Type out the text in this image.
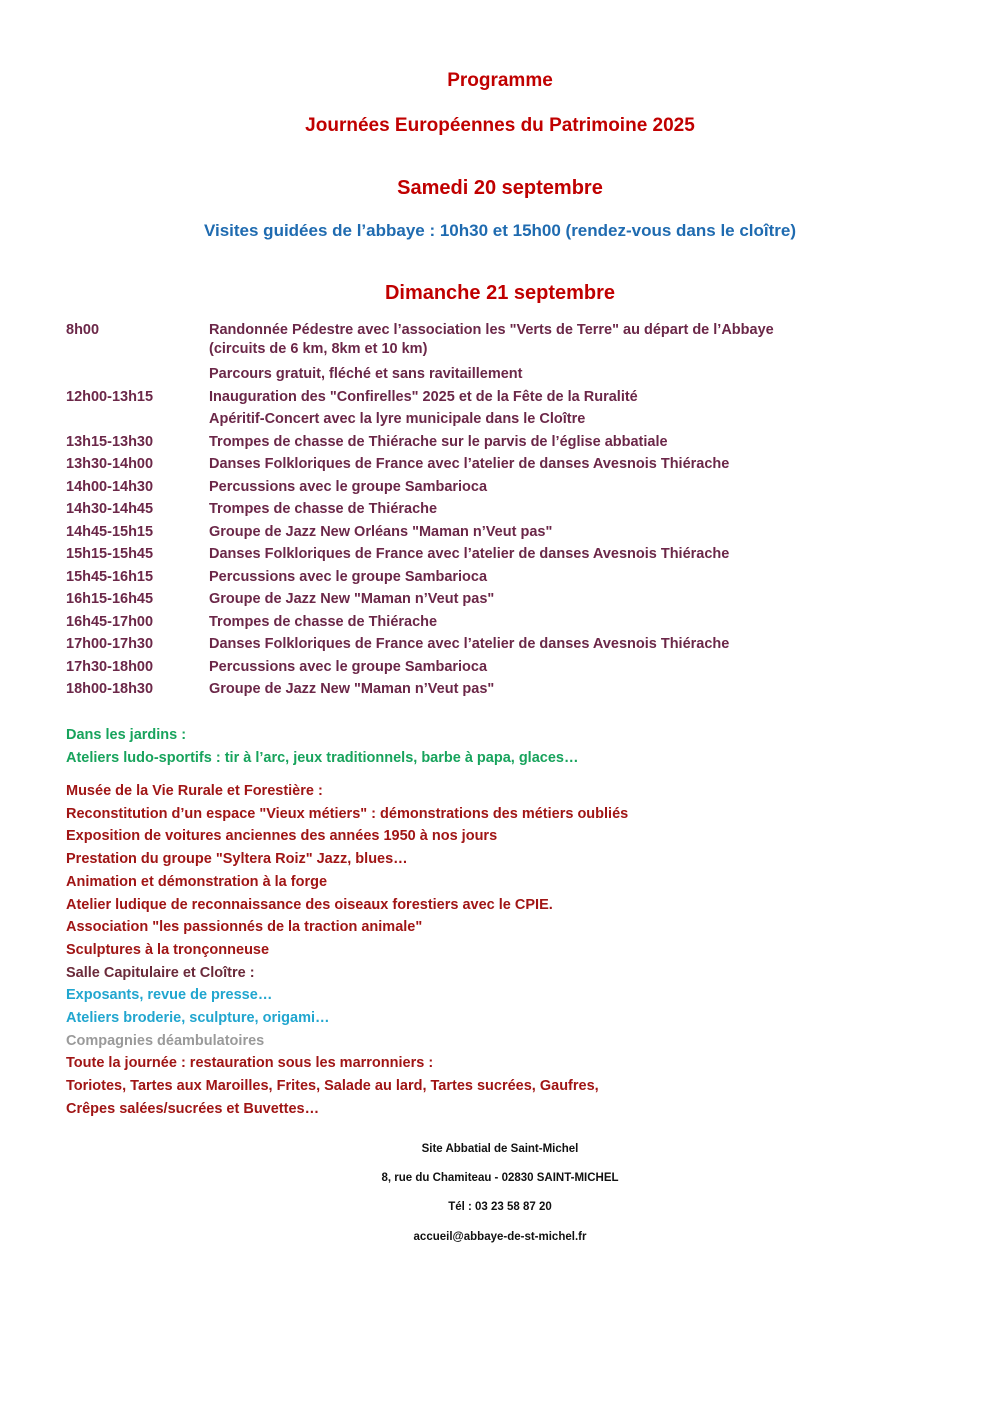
Programme
Journées Européennes du Patrimoine 2025
Samedi 20 septembre
Visites guidées de l’abbaye : 10h30 et 15h00 (rendez-vous dans le cloître)
Dimanche 21 septembre
8h00	Randonnée Pédestre avec l’association les "Verts de Terre" au départ de l’Abbaye
(circuits de 6 km, 8km et 10 km)
Parcours gratuit, fléché et sans ravitaillement
12h00-13h15	Inauguration des "Confirelles" 2025 et de la Fête de la Ruralité
Apéritif-Concert avec la lyre municipale dans le Cloître
13h15-13h30	Trompes de chasse de Thiérache sur le parvis de l’église abbatiale
13h30-14h00	Danses Folkloriques de France avec l’atelier de danses Avesnois Thiérache
14h00-14h30	Percussions avec le groupe Sambarioca
14h30-14h45	Trompes de chasse de Thiérache
14h45-15h15	Groupe de Jazz New Orléans "Maman n’Veut pas"
15h15-15h45	Danses Folkloriques de France avec l’atelier de danses Avesnois Thiérache
15h45-16h15	Percussions avec le groupe Sambarioca
16h15-16h45	Groupe de Jazz New "Maman n’Veut pas"
16h45-17h00	Trompes de chasse de Thiérache
17h00-17h30	Danses Folkloriques de France avec l’atelier de danses Avesnois Thiérache
17h30-18h00	Percussions avec le groupe Sambarioca
18h00-18h30	Groupe de Jazz New "Maman n’Veut pas"
Dans les jardins :
Ateliers ludo-sportifs : tir à l’arc, jeux traditionnels, barbe à papa, glaces…
Musée de la Vie Rurale et Forestière :
Reconstitution d’un espace "Vieux métiers" : démonstrations des métiers oubliés
Exposition de voitures anciennes des années 1950 à nos jours
Prestation du groupe "Syltera Roiz" Jazz, blues…
Animation et démonstration à la forge
Atelier ludique de reconnaissance des oiseaux forestiers avec le CPIE.
Association "les passionnés de la traction animale"
Sculptures à la tronçonneuse
Salle Capitulaire et Cloître :
Exposants, revue de presse…
Ateliers broderie, sculpture, origami…
Compagnies déambulatoires
Toute la journée : restauration sous les marronniers :
Toriotes, Tartes aux Maroilles, Frites, Salade au lard, Tartes sucrées, Gaufres,
Crêpes salées/sucrées et Buvettes…
Site Abbatial de Saint-Michel
8, rue du Chamiteau - 02830 SAINT-MICHEL
Tél : 03 23 58 87 20
accueil@abbaye-de-st-michel.fr
